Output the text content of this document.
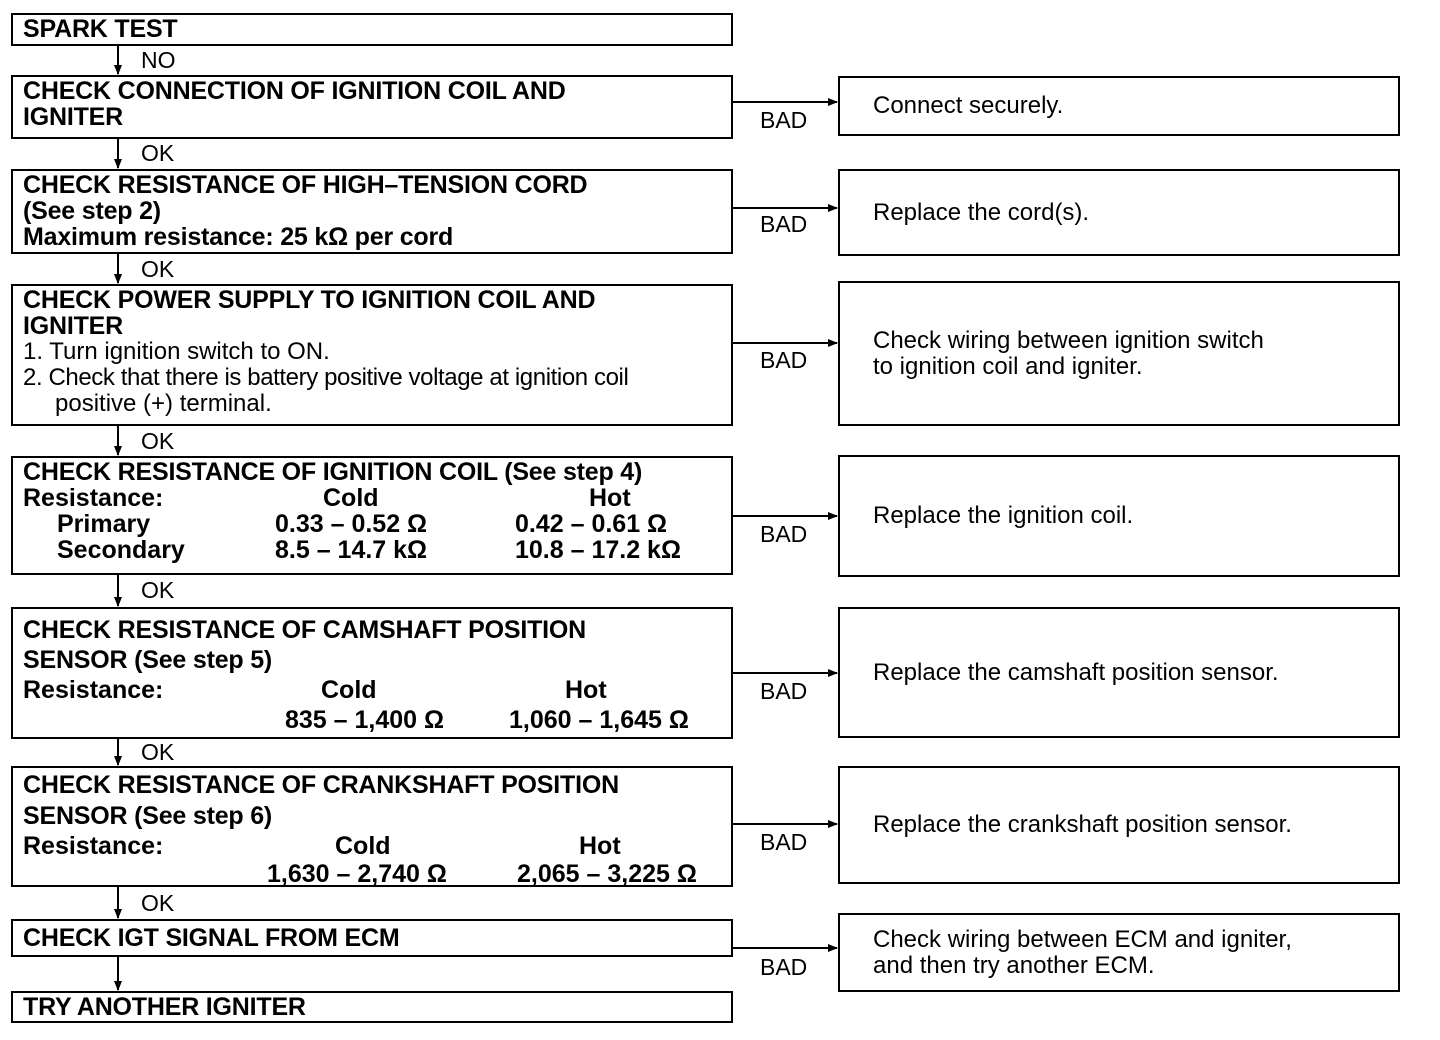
SPARK TEST
NO
CHECK CONNECTION OF IGNITION COIL AND
IGNITER	BAD
Connect securely.
OK
CHECK RESISTANCE OF HIGH–TENSION CORD
(See step 2)
Maximum resistance: 25 kΩ per cord	BAD	Replace the cord(s).
OK
CHECK POWER SUPPLY TO IGNITION COIL AND
IGNITER
1. Turn ignition switch to ON.
2. Check that there is battery positive voltage at ignition coil
positive (+) terminal.
BAD
Check wiring between ignition switch
to ignition coil and igniter.
OK
CHECK RESISTANCE OF IGNITION COIL (See step 4)
Resistance:	Cold	Hot
Primary	0.33 – 0.52 Ω	0.42 – 0.61 Ω
Secondary	8.5 – 14.7 kΩ	10.8 – 17.2 kΩ
BAD
Replace the ignition coil.
OK
CHECK RESISTANCE OF CAMSHAFT POSITION
SENSOR (See step 5)
Resistance:	Cold	Hot
835 – 1,400 Ω	1,060 – 1,645 Ω
BAD
Replace the camshaft position sensor.
OK
CHECK RESISTANCE OF CRANKSHAFT POSITION
SENSOR (See step 6)
Resistance:	Cold	Hot
1,630 – 2,740 Ω	2,065 – 3,225 Ω
BAD
Replace the crankshaft position sensor.
OK
CHECK IGT SIGNAL FROM ECM
BAD
Check wiring between ECM and igniter,
and then try another ECM.
TRY ANOTHER IGNITER
